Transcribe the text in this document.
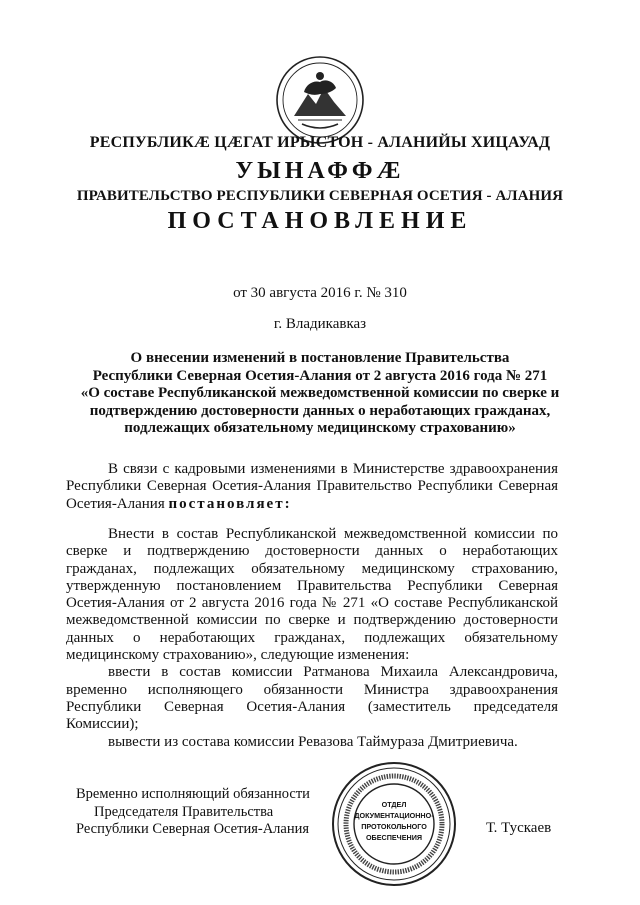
РЕСПУБЛИКӔ ЦӔГАТ ИРЫСТОН - АЛАНИЙЫ ХИЦАУАД
УЫНАФФӔ
ПРАВИТЕЛЬСТВО РЕСПУБЛИКИ СЕВЕРНАЯ ОСЕТИЯ - АЛАНИЯ
ПОСТАНОВЛЕНИЕ
от 30 августа 2016 г. № 310
г. Владикавказ
О внесении изменений в постановление Правительства
Республики Северная Осетия-Алания от 2 августа 2016 года № 271
«О составе Республиканской межведомственной комиссии по сверке и
подтверждению достоверности данных о неработающих гражданах,
подлежащих обязательному медицинскому страхованию»
В связи с кадровыми изменениями в Министерстве здравоохранения Республики Северная Осетия-Алания Правительство Республики Северная Осетия-Алания постановляет:
Внести в состав Республиканской межведомственной комиссии по сверке и подтверждению достоверности данных о неработающих гражданах, подлежащих обязательному медицинскому страхованию, утвержденную постановлением Правительства Республики Северная Осетия-Алания от 2 августа 2016 года № 271 «О составе Республиканской межведомственной комиссии по сверке и подтверждению достоверности данных о неработающих гражданах, подлежащих обязательному медицинскому страхованию», следующие изменения:
ввести в состав комиссии Ратманова Михаила Александровича, временно исполняющего обязанности Министра здравоохранения Республики Северная Осетия-Алания (заместитель председателя Комиссии);
вывести из состава комиссии Ревазова Таймураза Дмитриевича.
Временно исполняющий обязанности
Председателя Правительства
Республики Северная Осетия-Алания
ОТДЕЛ
ДОКУМЕНТАЦИОННО-
ПРОТОКОЛЬНОГО
ОБЕСПЕЧЕНИЯ
Т. Тускаев
